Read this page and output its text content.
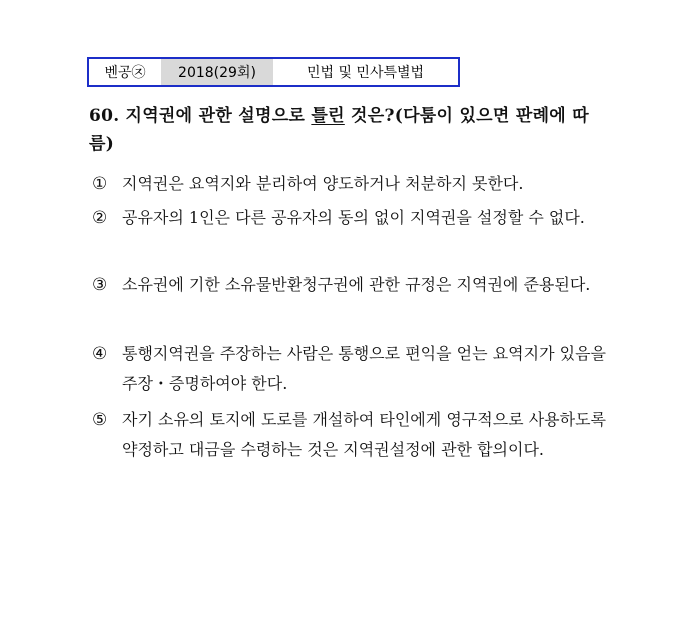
벤공㉨	2018(29회)	민법 및 민사특별법
60. 지역권에 관한 설명으로 틀린 것은?(다툼이 있으면 판례에 따름)
① 지역권은 요역지와 분리하여 양도하거나 처분하지 못한다.
② 공유자의 1인은 다른 공유자의 동의 없이 지역권을 설정할 수 없다.
③ 소유권에 기한 소유물반환청구권에 관한 규정은 지역권에 준용된다.
④ 통행지역권을 주장하는 사람은 통행으로 편익을 얻는 요역지가 있음을 주장・증명하여야 한다.
⑤ 자기 소유의 토지에 도로를 개설하여 타인에게 영구적으로 사용하도록 약정하고 대금을 수령하는 것은 지역권설정에 관한 합의이다.
